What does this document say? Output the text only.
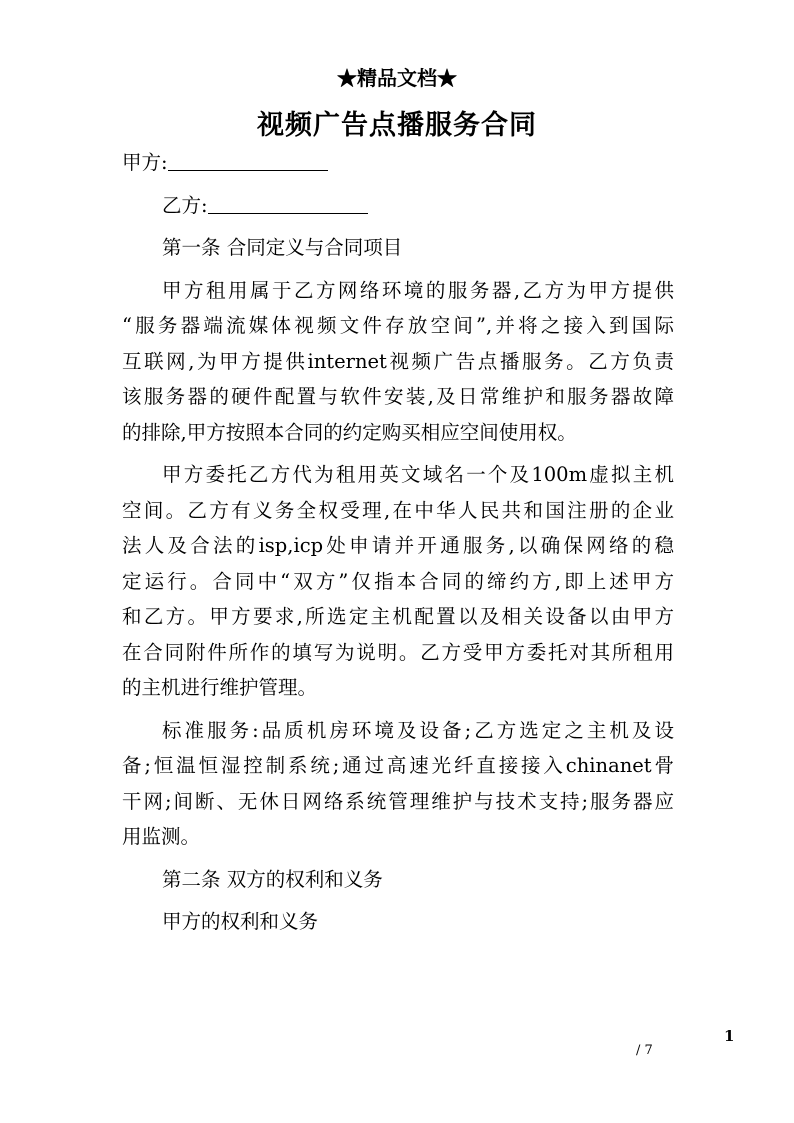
★精品文档★
视频广告点播服务合同
甲方:
乙方:
第一条 合同定义与合同项目
甲方租用属于乙方网络环境的服务器,乙方为甲方提供
“服务器端流媒体视频文件存放空间”,并将之接入到国际
互联网,为甲方提供internet视频广告点播服务。乙方负责
该服务器的硬件配置与软件安装,及日常维护和服务器故障
的排除,甲方按照本合同的约定购买相应空间使用权。
甲方委托乙方代为租用英文域名一个及100m虚拟主机
空间。乙方有义务全权受理,在中华人民共和国注册的企业
法人及合法的isp,icp处申请并开通服务,以确保网络的稳
定运行。合同中“双方”仅指本合同的缔约方,即上述甲方
和乙方。甲方要求,所选定主机配置以及相关设备以由甲方
在合同附件所作的填写为说明。乙方受甲方委托对其所租用
的主机进行维护管理。
标准服务:品质机房环境及设备;乙方选定之主机及设
备;恒温恒湿控制系统;通过高速光纤直接接入chinanet骨
干网;间断、无休日网络系统管理维护与技术支持;服务器应
用监测。
第二条 双方的权利和义务
甲方的权利和义务
1
/ 7
